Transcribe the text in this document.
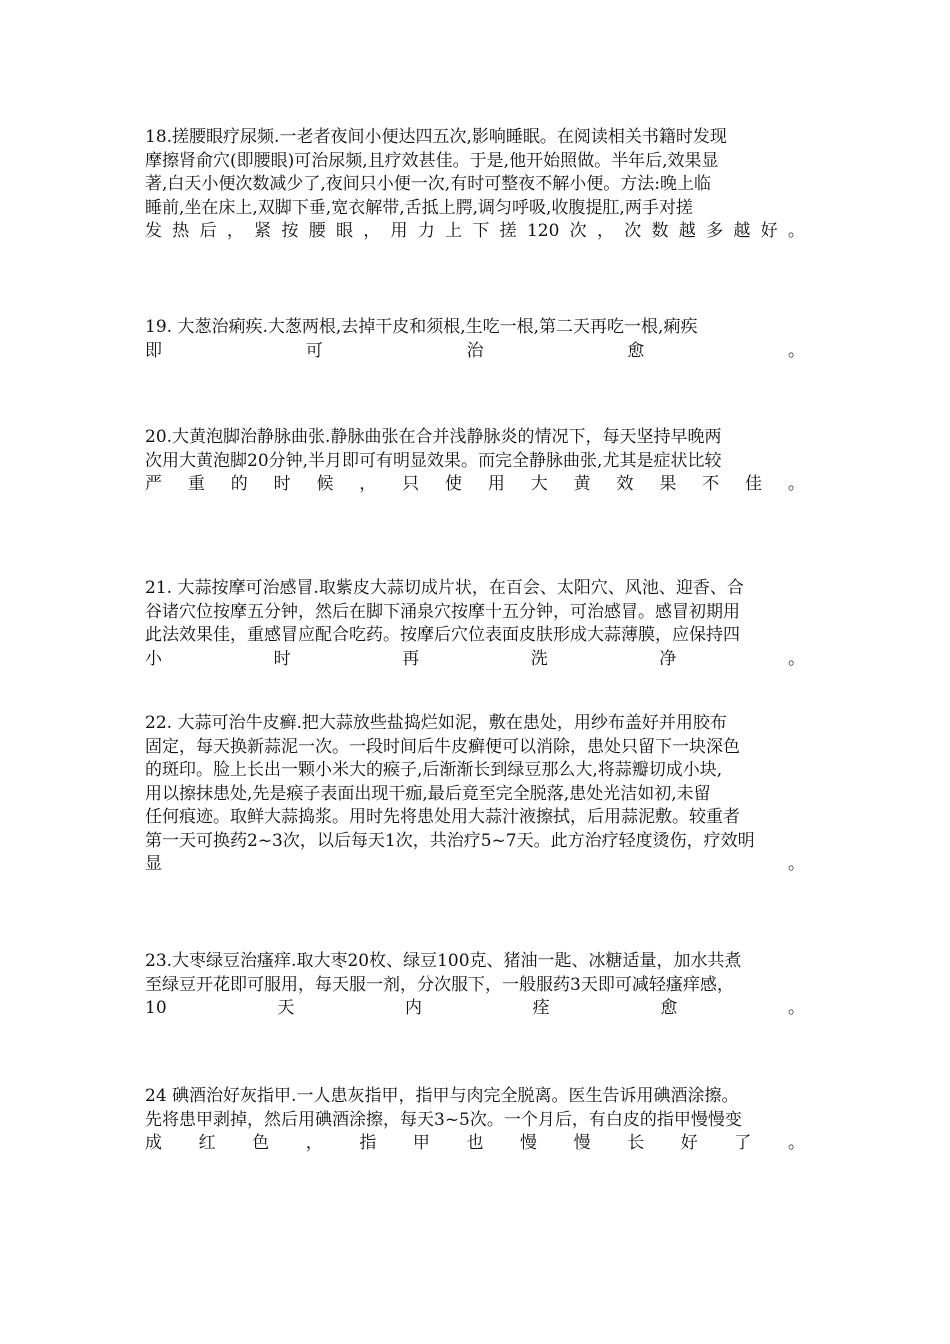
18.搓腰眼疗尿频.一老者夜间小便达四五次,影响睡眠。在阅读相关书籍时发现
摩擦肾俞穴(即腰眼)可治尿频,且疗效甚佳。于是,他开始照做。半年后,效果显
著,白天小便次数减少了,夜间只小便一次,有时可整夜不解小便。方法:晚上临
睡前,坐在床上,双脚下垂,宽衣解带,舌抵上腭,调匀呼吸,收腹提肛,两手对搓
发 热 后 ， 紧 按 腰 眼 ， 用 力 上 下 搓 120 次 ， 次 数 越 多 越 好 。
19. 大葱治痢疾.大葱两根,去掉干皮和须根,生吃一根,第二天再吃一根,痢疾
即	可	治	愈	。
20.大黄泡脚治静脉曲张.静脉曲张在合并浅静脉炎的情况下，每天坚持早晚两
次用大黄泡脚20分钟,半月即可有明显效果。而完全静脉曲张,尤其是症状比较
严 重 的 时 候 ， 只 使 用 大 黄 效 果 不 佳 。
21. 大蒜按摩可治感冒.取紫皮大蒜切成片状，在百会、太阳穴、风池、迎香、合
谷诸穴位按摩五分钟，然后在脚下涌泉穴按摩十五分钟，可治感冒。感冒初期用
此法效果佳，重感冒应配合吃药。按摩后穴位表面皮肤形成大蒜薄膜，应保持四
小	时	再	洗	净	。
22. 大蒜可治牛皮癣.把大蒜放些盐捣烂如泥，敷在患处，用纱布盖好并用胶布
固定，每天换新蒜泥一次。一段时间后牛皮癣便可以消除，患处只留下一块深色
的斑印。脸上长出一颗小米大的瘊子,后渐渐长到绿豆那么大,将蒜瓣切成小块,
用以擦抹患处,先是瘊子表面出现干痂,最后竟至完全脱落,患处光洁如初,未留
任何痕迹。取鲜大蒜捣浆。用时先将患处用大蒜汁液擦拭，后用蒜泥敷。较重者
第一天可换药2~3次，以后每天1次，共治疗5~7天。此方治疗轻度烫伤，疗效明
显	。
23.大枣绿豆治瘙痒.取大枣20枚、绿豆100克、猪油一匙、冰糖适量，加水共煮
至绿豆开花即可服用，每天服一剂，分次服下，一般服药3天即可减轻瘙痒感，
10	天	内	痊	愈	。
24 碘酒治好灰指甲.一人患灰指甲，指甲与肉完全脱离。医生告诉用碘酒涂擦。
先将患甲剥掉，然后用碘酒涂擦，每天3~5次。一个月后，有白皮的指甲慢慢变
成 红 色 ， 指 甲 也 慢 慢 长 好 了 。
